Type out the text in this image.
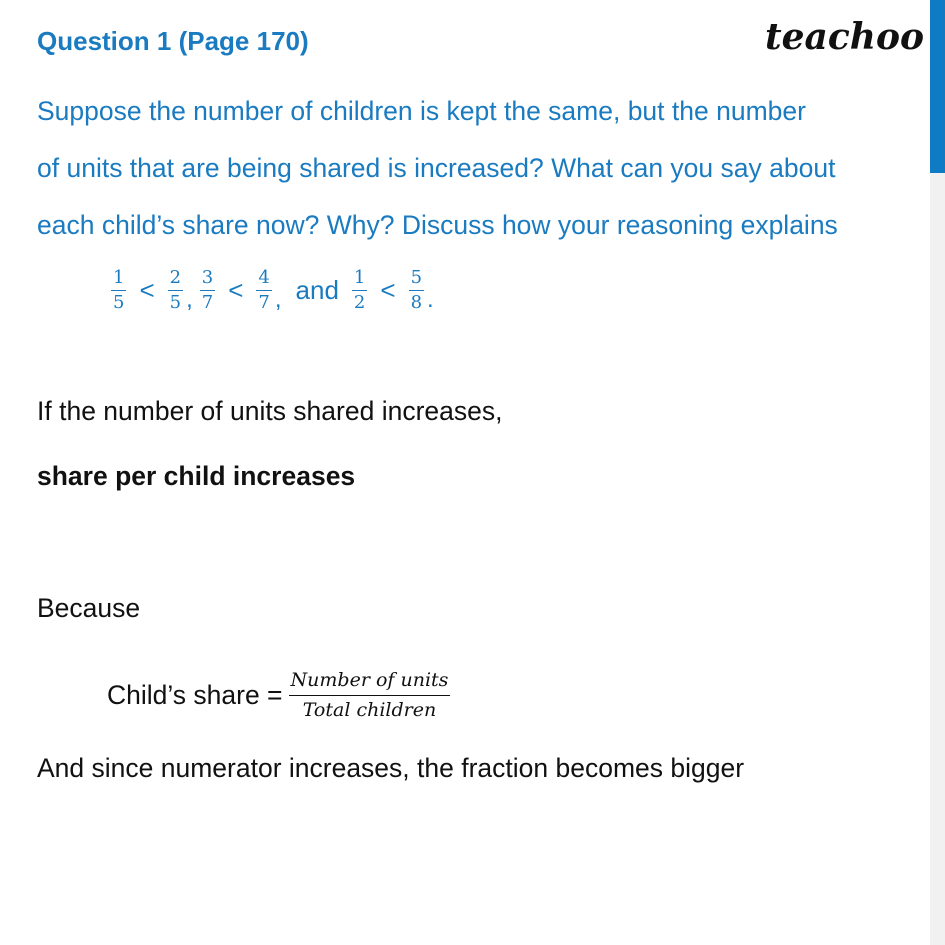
Question 1 (Page 170)	teachoo

Suppose the number of children is kept the same, but the number

of units that are being shared is increased? What can you say about

each child’s share now? Why? Discuss how your reasoning explains

$\frac{1}{5} < \frac{2}{5}$ , $\frac{3}{7} < \frac{4}{7}$ , and $\frac{1}{2} < \frac{5}{8}$ .
If the number of units shared increases,
share per child increases
Because
Child’s share = $\frac{\text{Number of units}}{\text{Total children}}$
And since numerator increases, the fraction becomes bigger
